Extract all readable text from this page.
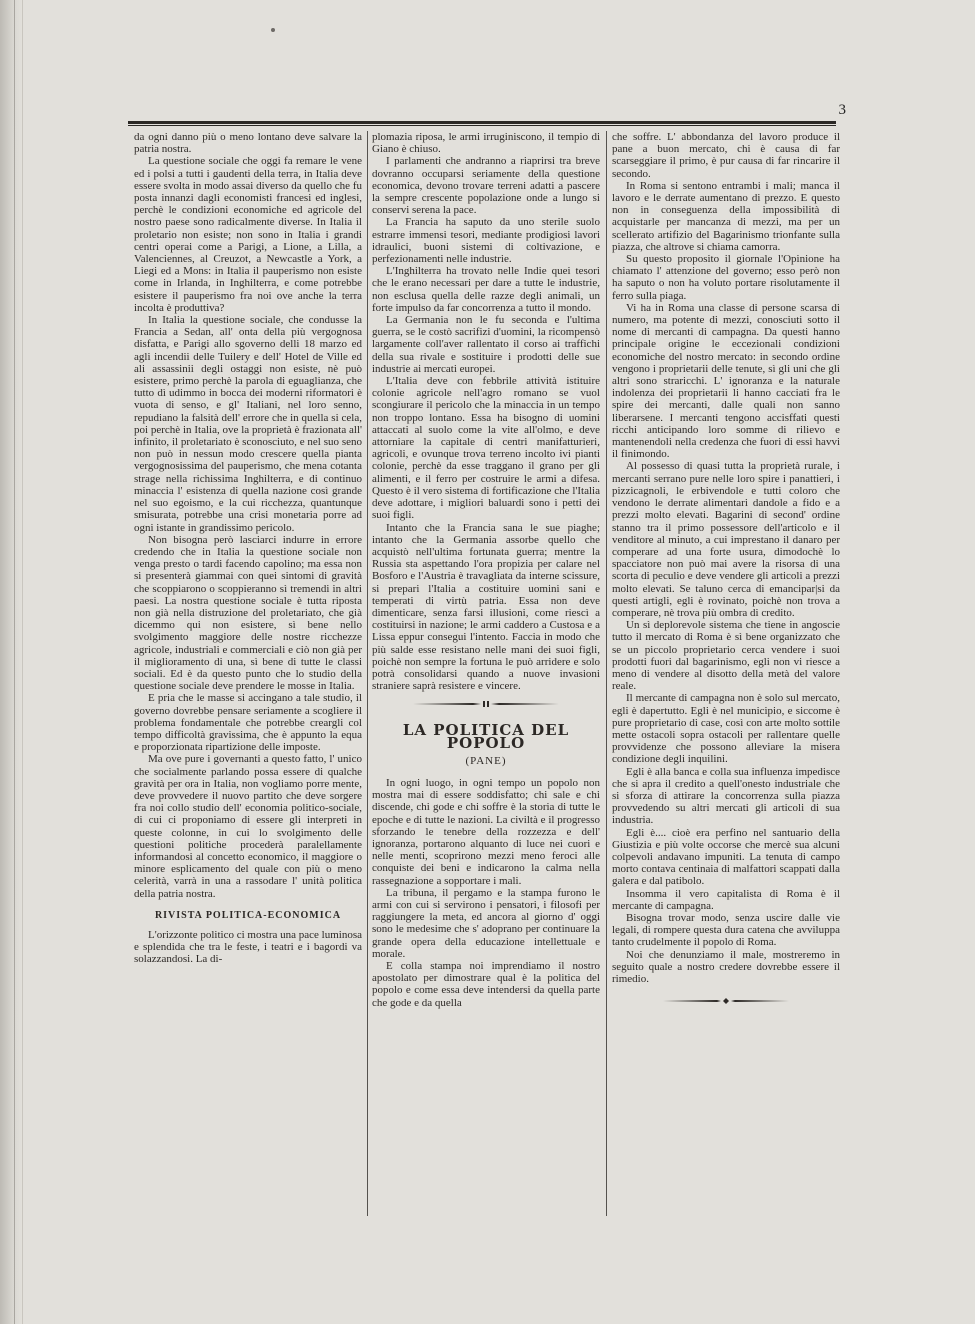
3

da ogni danno più o meno lontano deve salvare la patria nostra.

La questione sociale che oggi fa remare le vene ed i polsi a tutti i gaudenti della terra, in Italia deve essere svolta in modo assai diverso da quello che fu posta innanzi dagli economisti francesi ed inglesi, perchè le condizioni economiche ed agricole del nostro paese sono radicalmente diverse. In Italia il proletario non esiste; non sono in Italia i grandi centri operai come a Parigi, a Lione, a Lilla, a Valenciennes, al Creuzot, a Newcastle a York, a Liegi ed a Mons: in Italia il pauperismo non esiste come in Irlanda, in Inghilterra, e come potrebbe esistere il pauperismo fra noi ove anche la terra incolta è produttiva?

In Italia la questione sociale, che condusse la Francia a Sedan, all' onta della più vergognosa disfatta, e Parigi allo sgoverno delli 18 marzo ed agli incendii delle Tuilery e dell' Hotel de Ville ed ali assassinii degli ostaggi non esiste, nè può esistere, primo perchè la parola di eguaglianza, che tutto dì udimmo in bocca dei moderni riformatori è vuota di senso, e gl' Italiani, nel loro senno, repudiano la falsità dell' errore che in quella si cela, poi perchè in Italia, ove la proprietà è frazionata all' infinito, il proletariato è sconosciuto, e nel suo seno non può in nessun modo crescere quella pianta vergognosissima del pauperismo, che mena cotanta strage nella richissima Inghilterra, e di continuo minaccia l' esistenza di quella nazione così grande nel suo egoismo, e la cui ricchezza, quantunque smisurata, potrebbe una crisi monetaria porre ad ogni istante in grandissimo pericolo.

Non bisogna però lasciarci indurre in errore credendo che in Italia la questione sociale non venga presto o tardi facendo capolino; ma essa non si presenterà giammai con quei sintomi di gravità che scoppiarono o scoppieranno sì tremendi in altri paesi. La nostra questione sociale è tutta riposta non già nella distruzione del proletariato, che già dicemmo qui non esistere, sì bene nello svolgimento maggiore delle nostre ricchezze agricole, industriali e commerciali e ciò non già per il miglioramento di una, sì bene di tutte le classi sociali. Ed è da questo punto che lo studio della questione sociale deve prendere le mosse in Italia.

E pria che le masse si accingano a tale studio, il governo dovrebbe pensare seriamente a scogliere il problema fondamentale che potrebbe creargli col tempo difficoltà gravissima, che è appunto la equa e proporzionata ripartizione delle imposte.

Ma ove pure i governanti a questo fatto, l' unico che socialmente parlando possa essere di qualche gravità per ora in Italia, non vogliamo porre mente, deve provvedere il nuovo partito che deve sorgere fra noi collo studio dell' economia politico-sociale, di cui ci proponiamo di essere gli interpreti in queste colonne, in cui lo svolgimento delle questioni politiche procederà paralellamente informandosi al concetto economico, il maggiore o minore esplicamento del quale con più o meno celerità, varrà in una a rassodare l' unità politica della patria nostra.

RIVISTA POLITICA-ECONOMICA

L'orizzonte politico ci mostra una pace luminosa e splendida che tra le feste, i teatri e i bagordi va solazzandosi. La di-

plomazia riposa, le armi irruginiscono, il tempio di Giano è chiuso.

I parlamenti che andranno a riaprirsi tra breve dovranno occuparsi seriamente della questione economica, devono trovare terreni adatti a pascere la sempre crescente popolazione onde a lungo si conservi serena la pace.

La Francia ha saputo da uno sterile suolo estrarre immensi tesori, mediante prodigiosi lavori idraulici, buoni sistemi di coltivazione, e perfezionamenti nelle industrie.

L'Inghilterra ha trovato nelle Indie quei tesori che le erano necessari per dare a tutte le industrie, non esclusa quella delle razze degli animali, un forte impulso da far concorrenza a tutto il mondo.

La Germania non le fu seconda e l'ultima guerra, se le costò sacrifizi d'uomini, la ricompensò largamente coll'aver rallentato il corso ai traffichi della sua rivale e sostituire i prodotti delle sue industrie ai mercati europei.

L'Italia deve con febbrile attività istituire colonie agricole nell'agro romano se vuol scongiurare il pericolo che la minaccia in un tempo non troppo lontano. Essa ha bisogno di uomini attaccati al suolo come la vite all'olmo, e deve attorniare la capitale di centri manifatturieri, agricoli, e ovunque trova terreno incolto ivi pianti colonie, perchè da esse traggano il grano per gli alimenti, e il ferro per costruire le armi a difesa. Questo è il vero sistema di fortificazione che l'Italia deve adottare, i migliori baluardi sono i petti dei suoi figli.

Intanto che la Francia sana le sue piaghe; intanto che la Germania assorbe quello che acquistò nell'ultima fortunata guerra; mentre la Russia sta aspettando l'ora propizia per calare nel Bosforo e l'Austria è travagliata da interne scissure, si prepari l'Italia a costituire uomini sani e temperati di virtù patria. Essa non deve dimenticare, senza farsi illusioni, come riescì a costituirsi in nazione; le armi caddero a Custosa e a Lissa eppur consegui l'intento. Faccia in modo che più salde esse resistano nelle mani dei suoi figli, poichè non sempre la fortuna le può arridere e solo potrà consolidarsi quando a nuove invasioni straniere saprà resistere e vincere.

LA POLITICA DEL POPOLO
(PANE)

In ogni luogo, in ogni tempo un popolo non mostra mai di essere soddisfatto; chi sale e chi discende, chi gode e chi soffre è la storia di tutte le epoche e di tutte le nazioni. La civiltà e il progresso sforzando le tenebre della rozzezza e dell' ignoranza, portarono alquanto di luce nei cuori e nelle menti, scoprirono mezzi meno feroci alle conquiste dei beni e indicarono la calma nella rassegnazione a sopportare i mali.

La tribuna, il pergamo e la stampa furono le armi con cui si servirono i pensatori, i filosofi per raggiungere la meta, ed ancora al giorno d' oggi sono le medesime che s' adoprano per continuare la grande opera della educazione intellettuale e morale.

E colla stampa noi imprendiamo il nostro apostolato per dimostrare qual è la politica del popolo e come essa deve intendersi da quella parte che gode e da quella

che soffre. L' abbondanza del lavoro produce il pane a buon mercato, chi è causa di far scarseggiare il primo, è pur causa di far rincarire il secondo.

In Roma si sentono entrambi i mali; manca il lavoro e le derrate aumentano di prezzo. E questo non in conseguenza della impossibilità di acquistarle per mancanza di mezzi, ma per un scellerato artifizio del Bagarinismo trionfante sulla piazza, che altrove si chiama camorra.

Su questo proposito il giornale l'Opinione ha chiamato l' attenzione del governo; esso però non ha saputo o non ha voluto portare risolutamente il ferro sulla piaga.

Vi ha in Roma una classe di persone scarsa di numero, ma potente di mezzi, conosciuti sotto il nome di mercanti di campagna. Da questi hanno principale origine le eccezionali condizioni economiche del nostro mercato: in secondo ordine vengono i proprietarii delle tenute, sì gli uni che gli altri sono straricchi. L' ignoranza e la naturale indolenza dei proprietarii li hanno cacciati fra le spire dei mercanti, dalle quali non sanno liberarsene. I mercanti tengono accisffati questi ricchi anticipando loro somme di rilievo e mantenendoli nella credenza che fuori di essi havvi il finimondo.

Al possesso di quasi tutta la proprietà rurale, i mercanti serrano pure nelle loro spire i panattieri, i pizzicagnoli, le erbivendole e tutti coloro che vendono le derrate alimentari dandole a fido e a prezzi molto elevati. Bagarini di second' ordine stanno tra il primo possessore dell'articolo e il venditore al minuto, a cui imprestano il danaro per comperare ad una forte usura, dimodochè lo spacciatore non può mai avere la risorsa di una scorta di peculio e deve vendere gli articoli a prezzi molto elevati. Se taluno cerca di emancipar|si da questi artigli, egli è rovinato, poichè non trova a comperare, nè trova più ombra di credito.

Un sì deplorevole sistema che tiene in angoscie tutto il mercato di Roma è sì bene organizzato che se un piccolo proprietario cerca vendere i suoi prodotti fuori dal bagarinismo, egli non vi riesce a meno di vendere al disotto della metà del valore reale.

Il mercante di campagna non è solo sul mercato, egli è dapertutto. Egli è nel municipio, e siccome è pure proprietario di case, così con arte molto sottile mette ostacoli sopra ostacoli per rallentare quelle provvidenze che possono alleviare la misera condizione degli inquilini.

Egli è alla banca e colla sua influenza impedisce che si apra il credito a quell'onesto industriale che si sforza di attirare la concorrenza sulla piazza provvedendo su altri mercati gli articoli di sua industria.

Egli è.... cioè era perfino nel santuario della Giustizia e più volte occorse che mercè sua alcuni colpevoli andavano impuniti. La tenuta di campo morto contava centinaia di malfattori scappati dalla galera e dal patibolo.

Insomma il vero capitalista di Roma è il mercante di campagna.

Bisogna trovar modo, senza uscire dalle vie legali, di rompere questa dura catena che avviluppa tanto crudelmente il popolo di Roma.

Noi che denunziamo il male, mostreremo in seguito quale a nostro credere dovrebbe essere il rimedio.
